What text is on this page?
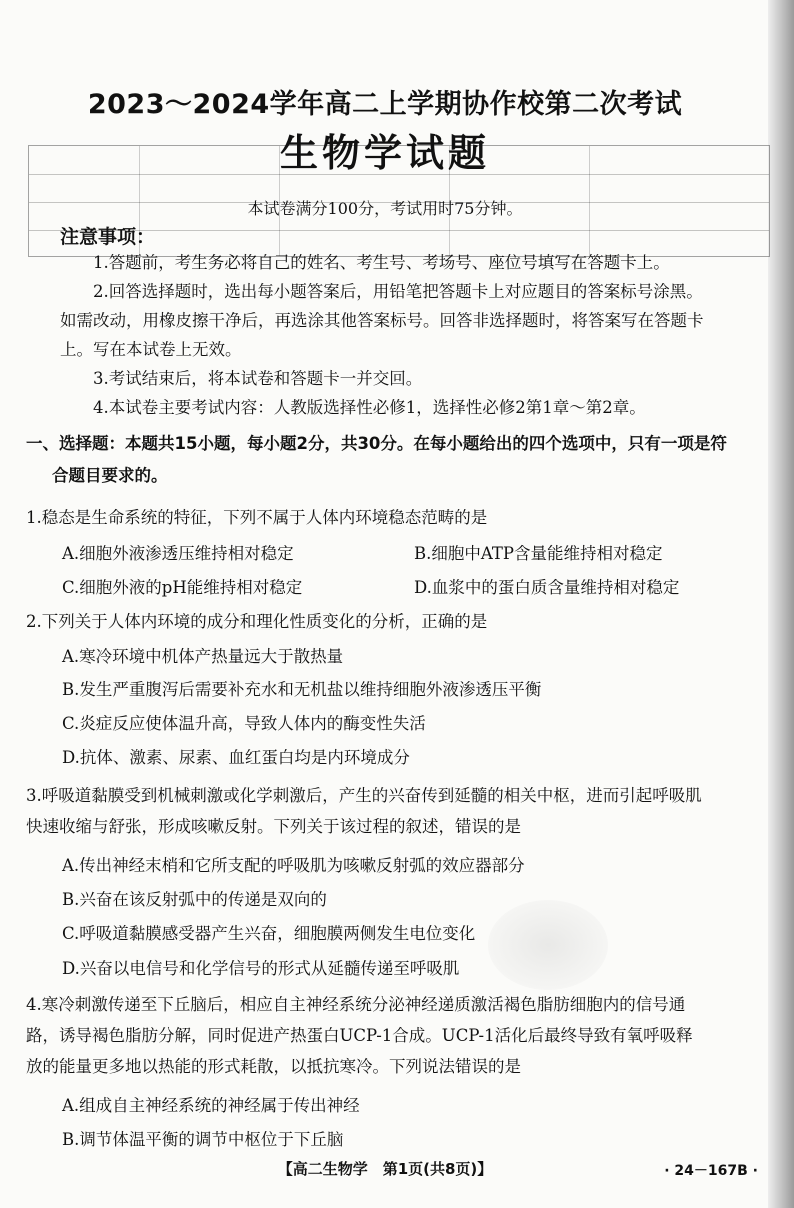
2023～2024学年高二上学期协作校第二次考试
生物学试题
本试卷满分100分，考试用时75分钟。
注意事项：

1.答题前，考生务必将自己的姓名、考生号、考场号、座位号填写在答题卡上。

2.回答选择题时，选出每小题答案后，用铅笔把答题卡上对应题目的答案标号涂黑。如需改动，用橡皮擦干净后，再选涂其他答案标号。回答非选择题时，将答案写在答题卡上。写在本试卷上无效。

3.考试结束后，将本试卷和答题卡一并交回。

4.本试卷主要考试内容：人教版选择性必修1，选择性必修2第1章～第2章。

一、选择题：本题共15小题，每小题2分，共30分。在每小题给出的四个选项中，只有一项是符
合题目要求的。
1.稳态是生命系统的特征，下列不属于人体内环境稳态范畴的是
A.细胞外液渗透压维持相对稳定	B.细胞中ATP含量能维持相对稳定
C.细胞外液的pH能维持相对稳定	D.血浆中的蛋白质含量维持相对稳定
2.下列关于人体内环境的成分和理化性质变化的分析，正确的是
A.寒冷环境中机体产热量远大于散热量
B.发生严重腹泻后需要补充水和无机盐以维持细胞外液渗透压平衡
C.炎症反应使体温升高，导致人体内的酶变性失活
D.抗体、激素、尿素、血红蛋白均是内环境成分
3.呼吸道黏膜受到机械刺激或化学刺激后，产生的兴奋传到延髓的相关中枢，进而引起呼吸肌
快速收缩与舒张，形成咳嗽反射。下列关于该过程的叙述，错误的是
A.传出神经末梢和它所支配的呼吸肌为咳嗽反射弧的效应器部分
B.兴奋在该反射弧中的传递是双向的
C.呼吸道黏膜感受器产生兴奋，细胞膜两侧发生电位变化
D.兴奋以电信号和化学信号的形式从延髓传递至呼吸肌
4.寒冷刺激传递至下丘脑后，相应自主神经系统分泌神经递质激活褐色脂肪细胞内的信号通
路，诱导褐色脂肪分解，同时促进产热蛋白UCP-1合成。UCP-1活化后最终导致有氧呼吸释
放的能量更多地以热能的形式耗散，以抵抗寒冷。下列说法错误的是
A.组成自主神经系统的神经属于传出神经
B.调节体温平衡的调节中枢位于下丘脑
【高二生物学　第1页(共8页)】	· 24－167B ·
